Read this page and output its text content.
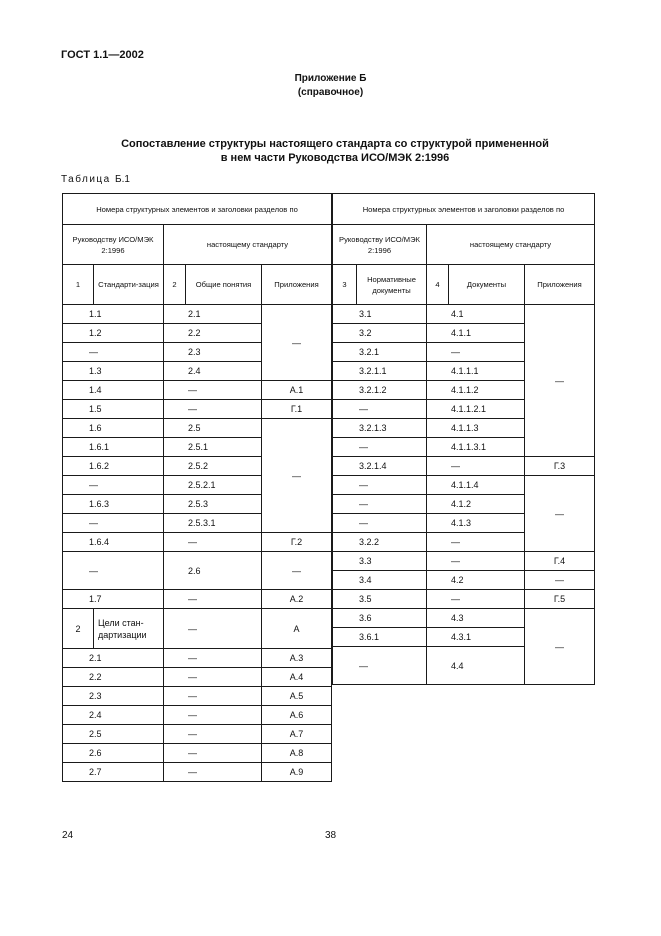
ГОСТ 1.1—2002
Приложение Б
(справочное)
Сопоставление структуры настоящего стандарта со структурой примененной
в нем части Руководства ИСО/МЭК 2:1996
Таблица Б.1
Номера структурных элементов и заголовки разделов по				
Руководству ИСО/МЭК 2:1996		настоящему стандарту		
1	Стандарти-зация	2	Общие понятия	Приложения
1.1		2.1		—
1.2		2.2		
—		2.3		
1.3		2.4		
1.4		—		А.1
1.5		—		Г.1
1.6		2.5		—
1.6.1		2.5.1		
1.6.2		2.5.2		
—		2.5.2.1		
1.6.3		2.5.3		
—		2.5.3.1		
1.6.4		—		Г.2
—		2.6		—
1.7		—		А.2
2	Цели стан-дартизации	—		А
2.1		—		А.3
2.2		—		А.4
2.3		—		А.5
2.4		—		А.6
2.5		—		А.7
2.6		—		А.8
2.7		—		А.9
Номера структурных элементов и заголовки разделов по				
Руководству ИСО/МЭК 2:1996		настоящему стандарту		
3	Нормативные документы	4	Документы	Приложения
3.1		4.1		—
3.2		4.1.1		
3.2.1		—		
3.2.1.1		4.1.1.1		
3.2.1.2		4.1.1.2		
—		4.1.1.2.1		
3.2.1.3		4.1.1.3		
—		4.1.1.3.1		
3.2.1.4		—		Г.3
—		4.1.1.4		—
—		4.1.2		
—		4.1.3		
3.2.2		—		
3.3		—		Г.4
3.4		4.2		—
3.5		—		Г.5
3.6		4.3		—
3.6.1		4.3.1		
—		4.4		
24	38
